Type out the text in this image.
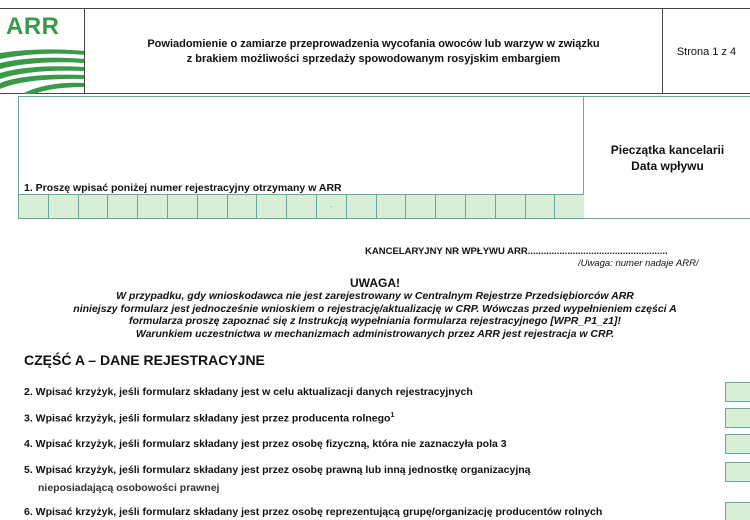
ARR
Powiadomienie o zamiarze przeprowadzenia wycofania owoców lub warzyw w związku
z brakiem możliwości sprzedaży spowodowanym rosyjskim embargiem
Strona 1 z 4
1. Proszę wpisać poniżej numer rejestracyjny otrzymany w ARR
-
Pieczątka kancelarii
Data wpływu
KANCELARYJNY NR WPŁYWU ARR.....................................................
/Uwaga: numer nadaje ARR/
UWAGA!
W przypadku, gdy wnioskodawca nie jest zarejestrowany w Centralnym Rejestrze Przedsiębiorców ARR
niniejszy formularz jest jednocześnie wnioskiem o rejestrację/aktualizację w CRP. Wówczas przed wypełnieniem części A
formularza proszę zapoznać się z Instrukcją wypełniania formularza rejestracyjnego [WPR_P1_z1]!
Warunkiem uczestnictwa w mechanizmach administrowanych przez ARR jest rejestracja w CRP.
CZĘŚĆ A – DANE REJESTRACYJNE
2. Wpisać krzyżyk, jeśli formularz składany jest w celu aktualizacji danych rejestracyjnych
3. Wpisać krzyżyk, jeśli formularz składany jest przez producenta rolnego$^1$
4. Wpisać krzyżyk, jeśli formularz składany jest przez osobę fizyczną, która nie zaznaczyła pola 3
5. Wpisać krzyżyk, jeśli formularz składany jest przez osobę prawną lub inną jednostkę organizacyjną
nieposiadającą osobowości prawnej
6. Wpisać krzyżyk, jeśli formularz składany jest przez osobę reprezentującą grupę/organizację producentów rolnych
